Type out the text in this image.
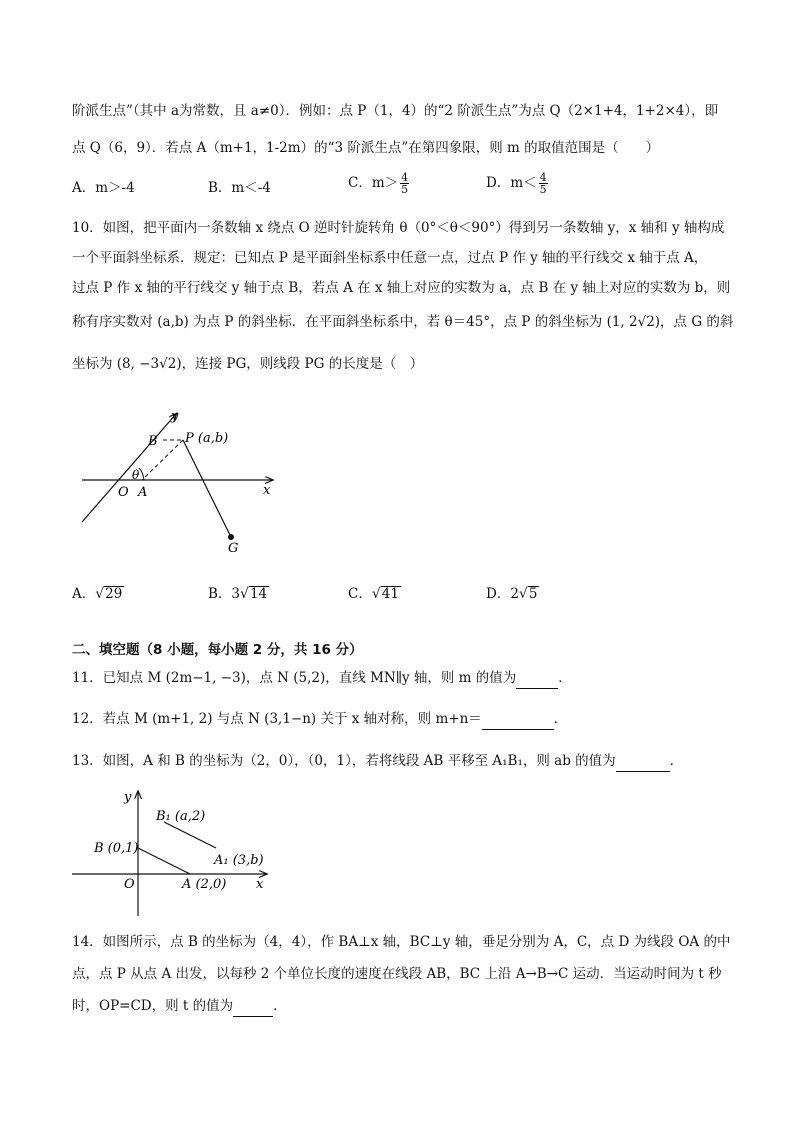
阶派生点”（其中 a为常数，且 a≠0）．例如：点 P（1，4）的“2 阶派生点”为点 Q（2×1+4，1+2×4），即
点 Q（6，9）．若点 A（m+1，1-2m）的“3 阶派生点”在第四象限，则 m 的取值范围是（　　）
A．m＞-4	B．m＜-4	C．$m> \frac{4}{5}$	D．$m< \frac{4}{5}$
10．如图，把平面内一条数轴 x 绕点 O 逆时针旋转角 θ（0°＜θ＜90°）得到另一条数轴 y，x 轴和 y 轴构成
一个平面斜坐标系．规定：已知点 P 是平面斜坐标系中任意一点，过点 P 作 y 轴的平行线交 x 轴于点 A，
过点 P 作 x 轴的平行线交 y 轴于点 B，若点 A 在 x 轴上对应的实数为 a，点 B 在 y 轴上对应的实数为 b，则
称有序实数对 (a,b) 为点 P 的斜坐标．在平面斜坐标系中，若 θ＝45°，点 P 的斜坐标为 (1, 2√2)，点 G 的斜
坐标为 (8, −3√2)，连接 PG，则线段 PG 的长度是（　）
y
x
B P (a,b)
θ
O A
G
A．√29	B．3√14	C．√41	D．2√5
二、填空题（8 小题，每小题 2 分，共 16 分）
11．已知点 M (2m−1, −3)，点 N (5,2)，直线 MN∥y 轴，则 m 的值为	．
12．若点 M (m+1, 2) 与点 N (3,1−n) 关于 x 轴对称，则 m+n＝	．
13．如图，A 和 B 的坐标为（2，0），（0，1），若将线段 AB 平移至 A₁B₁，则 ab 的值为	．
y
x
O
B (0,1)
A (2,0)
B₁ (a,2)
A₁ (3,b)
14．如图所示，点 B 的坐标为（4，4），作 BA⊥x 轴，BC⊥y 轴，垂足分别为 A，C，点 D 为线段 OA 的中
点，点 P 从点 A 出发，以每秒 2 个单位长度的速度在线段 AB，BC 上沿 A→B→C 运动．当运动时间为 t 秒
时，OP=CD，则 t 的值为	．
